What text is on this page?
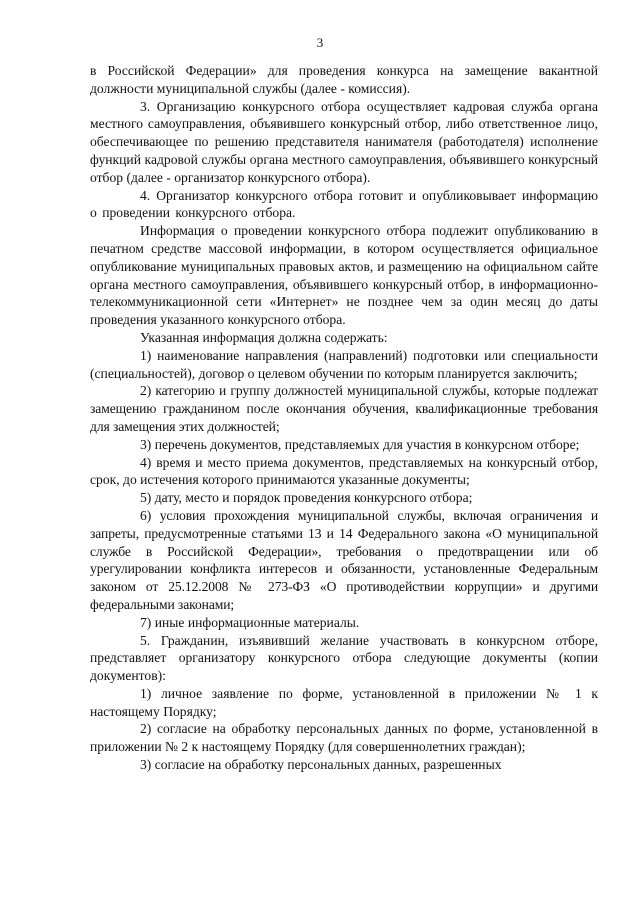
3

в Российской Федерации» для проведения конкурса на замещение вакантной должности муниципальной службы (далее - комиссия).

3. Организацию конкурсного отбора осуществляет кадровая служба органа местного самоуправления, объявившего конкурсный отбор, либо ответственное лицо, обеспечивающее по решению представителя нанимателя (работодателя) исполнение функций кадровой службы органа местного самоуправления, объявившего конкурсный отбор (далее - организатор конкурсного отбора).

4. Организатор конкурсного отбора готовит и опубликовывает информацию о проведении конкурсного отбора.

Информация о проведении конкурсного отбора подлежит опубликованию в печатном средстве массовой информации, в котором осуществляется официальное опубликование муниципальных правовых актов, и размещению на официальном сайте органа местного самоуправления, объявившего конкурсный отбор, в информационно-телекоммуникационной сети «Интернет» не позднее чем за один месяц до даты проведения указанного конкурсного отбора.

Указанная информация должна содержать:

1) наименование направления (направлений) подготовки или специальности (специальностей), договор о целевом обучении по которым планируется заключить;

2) категорию и группу должностей муниципальной службы, которые подлежат замещению гражданином после окончания обучения, квалификационные требования для замещения этих должностей;

3) перечень документов, представляемых для участия в конкурсном отборе;

4) время и место приема документов, представляемых на конкурсный отбор, срок, до истечения которого принимаются указанные документы;

5) дату, место и порядок проведения конкурсного отбора;

6) условия прохождения муниципальной службы, включая ограничения и запреты, предусмотренные статьями 13 и 14 Федерального закона «О муниципальной службе в Российской Федерации», требования о предотвращении или об урегулировании конфликта интересов и обязанности, установленные Федеральным законом от 25.12.2008 № 273-ФЗ «О противодействии коррупции» и другими федеральными законами;

7) иные информационные материалы.

5. Гражданин, изъявивший желание участвовать в конкурсном отборе, представляет организатору конкурсного отбора следующие документы (копии документов):

1) личное заявление по форме, установленной в приложении № 1 к настоящему Порядку;

2) согласие на обработку персональных данных по форме, установленной в приложении № 2 к настоящему Порядку (для совершеннолетних граждан);

3) согласие на обработку персональных данных, разрешенных
